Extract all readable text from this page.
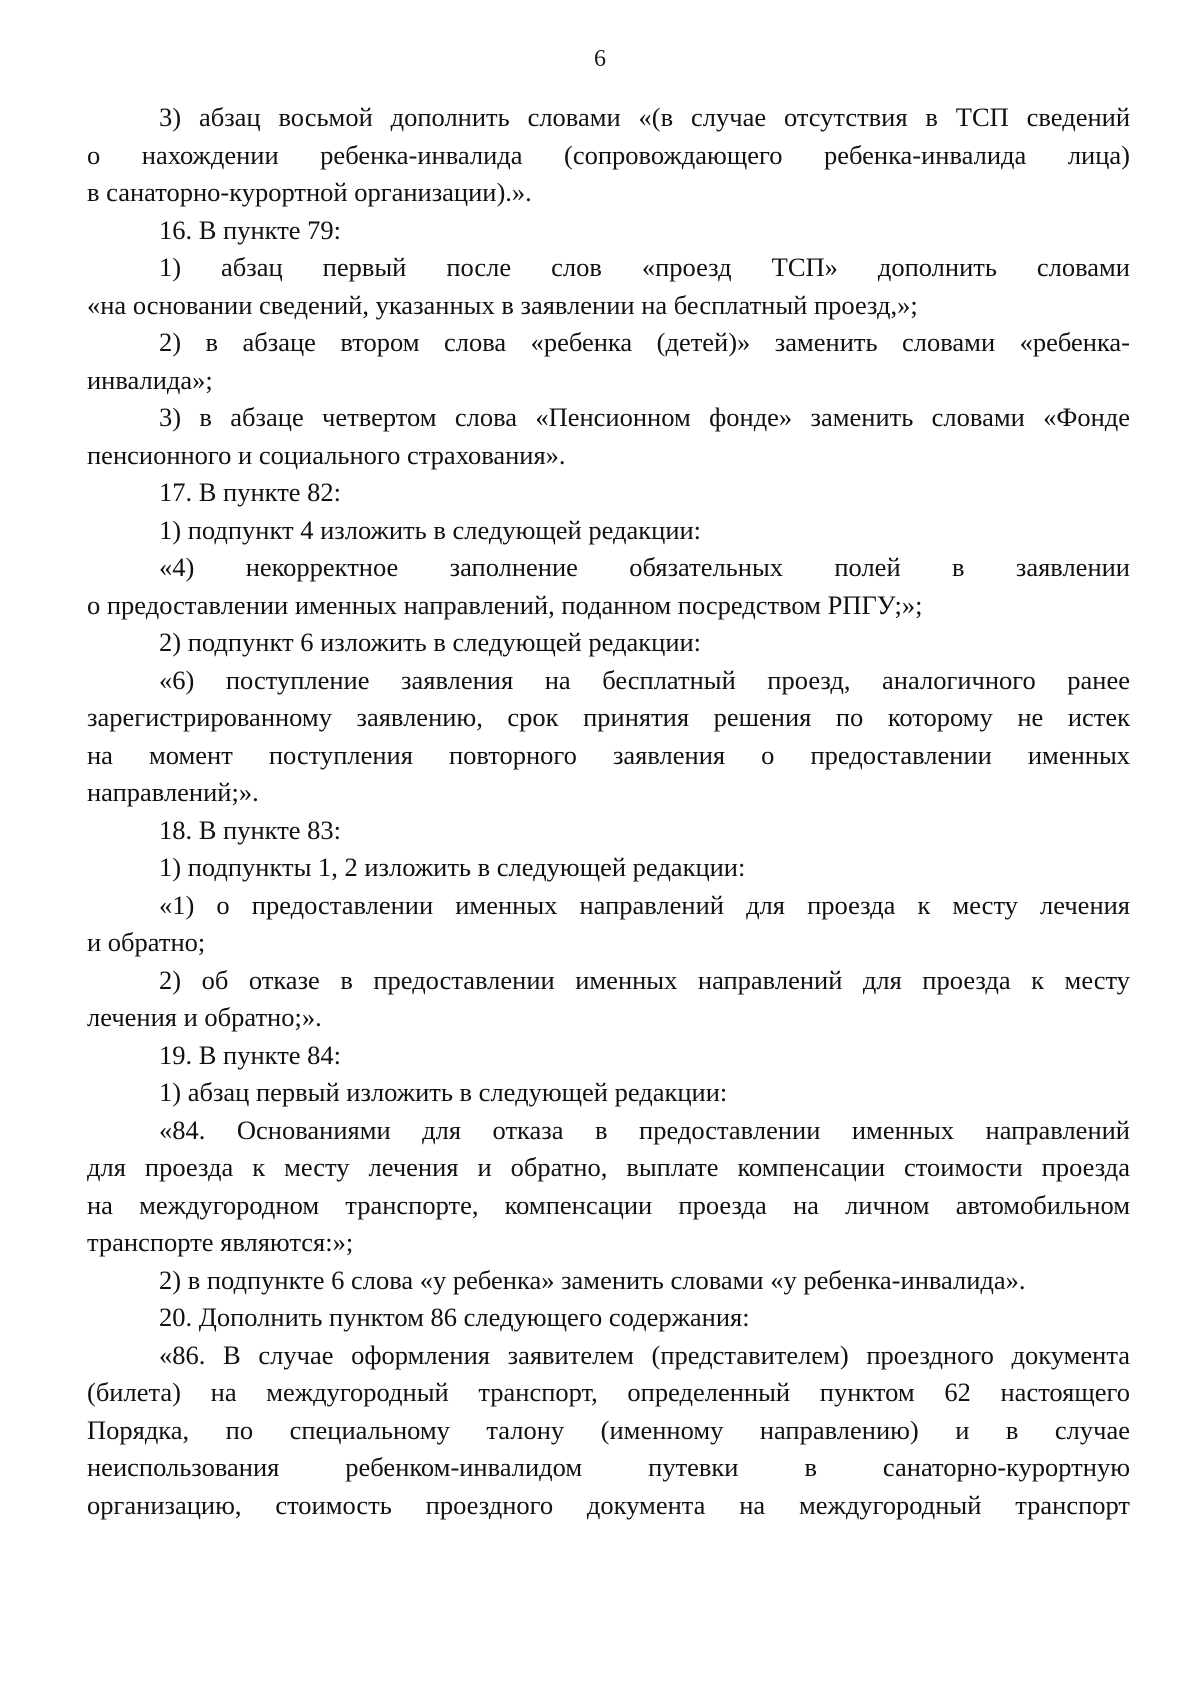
6
3) абзац восьмой дополнить словами «(в случае отсутствия в ТСП сведений
о нахождении ребенка-инвалида (сопровождающего ребенка-инвалида лица)
в санаторно-курортной организации).».
16. В пункте 79:
1) абзац первый после слов «проезд ТСП» дополнить словами
«на основании сведений, указанных в заявлении на бесплатный проезд,»;
2) в абзаце втором слова «ребенка (детей)» заменить словами «ребенка-
инвалида»;
3) в абзаце четвертом слова «Пенсионном фонде» заменить словами «Фонде
пенсионного и социального страхования».
17. В пункте 82:
1) подпункт 4 изложить в следующей редакции:
«4) некорректное заполнение обязательных полей в заявлении
о предоставлении именных направлений, поданном посредством РПГУ;»;
2) подпункт 6 изложить в следующей редакции:
«6) поступление заявления на бесплатный проезд, аналогичного ранее
зарегистрированному заявлению, срок принятия решения по которому не истек
на момент поступления повторного заявления о предоставлении именных
направлений;».
18. В пункте 83:
1) подпункты 1, 2 изложить в следующей редакции:
«1) о предоставлении именных направлений для проезда к месту лечения
и обратно;
2) об отказе в предоставлении именных направлений для проезда к месту
лечения и обратно;».
19. В пункте 84:
1) абзац первый изложить в следующей редакции:
«84. Основаниями для отказа в предоставлении именных направлений
для проезда к месту лечения и обратно, выплате компенсации стоимости проезда
на междугородном транспорте, компенсации проезда на личном автомобильном
транспорте являются:»;
2) в подпункте 6 слова «у ребенка» заменить словами «у ребенка-инвалида».
20. Дополнить пунктом 86 следующего содержания:
«86. В случае оформления заявителем (представителем) проездного документа
(билета) на междугородный транспорт, определенный пунктом 62 настоящего
Порядка, по специальному талону (именному направлению) и в случае
неиспользования ребенком-инвалидом путевки в санаторно-курортную
организацию, стоимость проездного документа на междугородный транспорт
